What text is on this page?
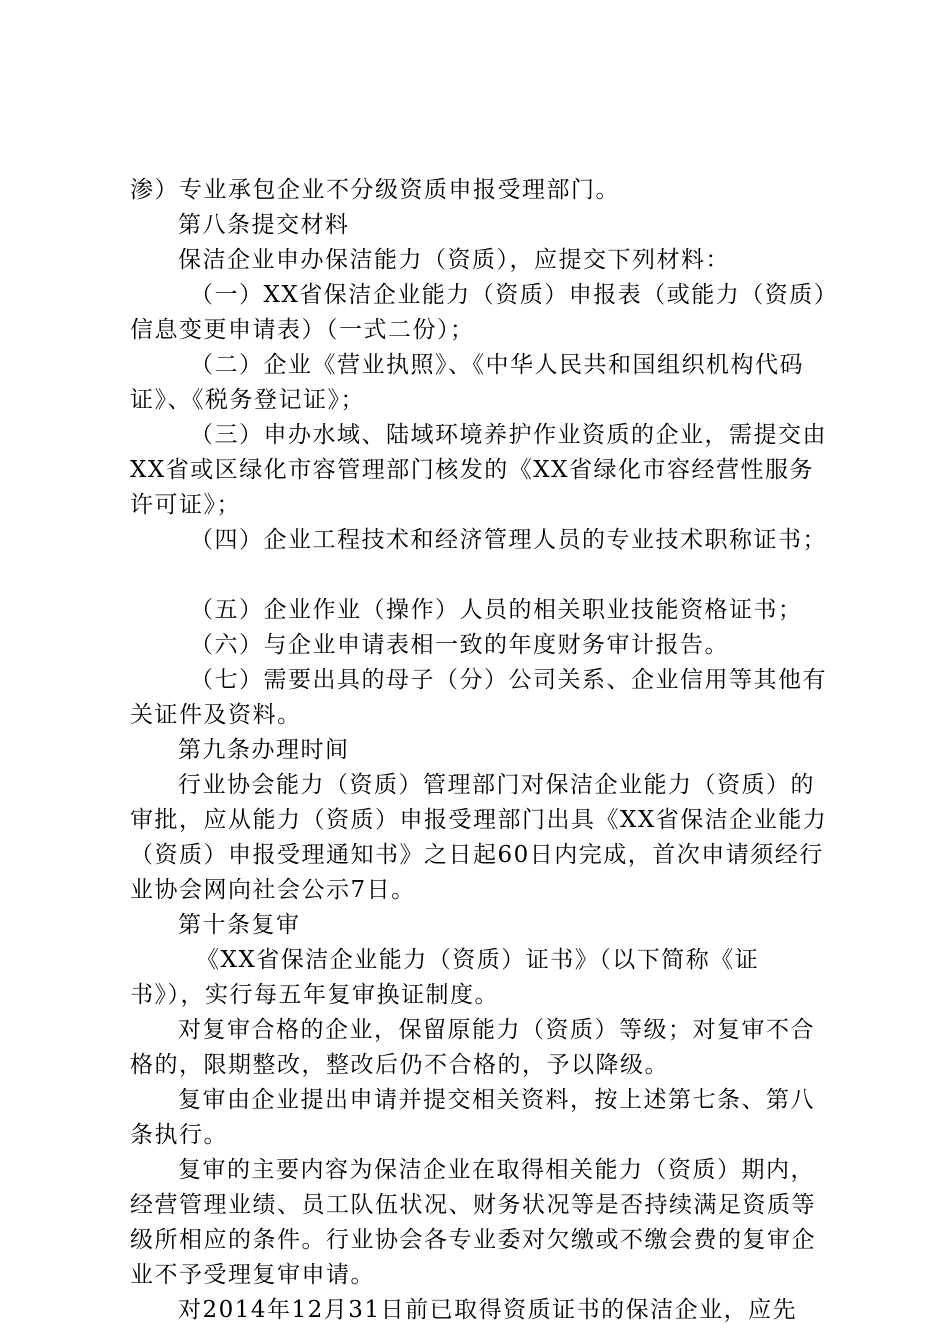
渗）专业承包企业不分级资质申报受理部门。

第八条提交材料

保洁企业申办保洁能力（资质），应提交下列材料：

（一）XX省保洁企业能力（资质）申报表（或能力（资质）信息变更申请表）（一式二份）；

（二）企业《营业执照》、《中华人民共和国组织机构代码证》、《税务登记证》；

（三）申办水域、陆域环境养护作业资质的企业，需提交由XX省或区绿化市容管理部门核发的《XX省绿化市容经营性服务许可证》；

（四）企业工程技术和经济管理人员的专业技术职称证书；

（五）企业作业（操作）人员的相关职业技能资格证书；

（六）与企业申请表相一致的年度财务审计报告。

（七）需要出具的母子（分）公司关系、企业信用等其他有关证件及资料。

第九条办理时间

行业协会能力（资质）管理部门对保洁企业能力（资质）的审批，应从能力（资质）申报受理部门出具《XX省保洁企业能力（资质）申报受理通知书》之日起60日内完成，首次申请须经行业协会网向社会公示7日。

第十条复审

《XX省保洁企业能力（资质）证书》（以下简称《证书》），实行每五年复审换证制度。

对复审合格的企业，保留原能力（资质）等级；对复审不合格的，限期整改，整改后仍不合格的，予以降级。

复审由企业提出申请并提交相关资料，按上述第七条、第八条执行。

复审的主要内容为保洁企业在取得相关能力（资质）期内，经营管理业绩、员工队伍状况、财务状况等是否持续满足资质等级所相应的条件。行业协会各专业委对欠缴或不缴会费的复审企业不予受理复审申请。

对2014年12月31日前已取得资质证书的保洁企业，应先
